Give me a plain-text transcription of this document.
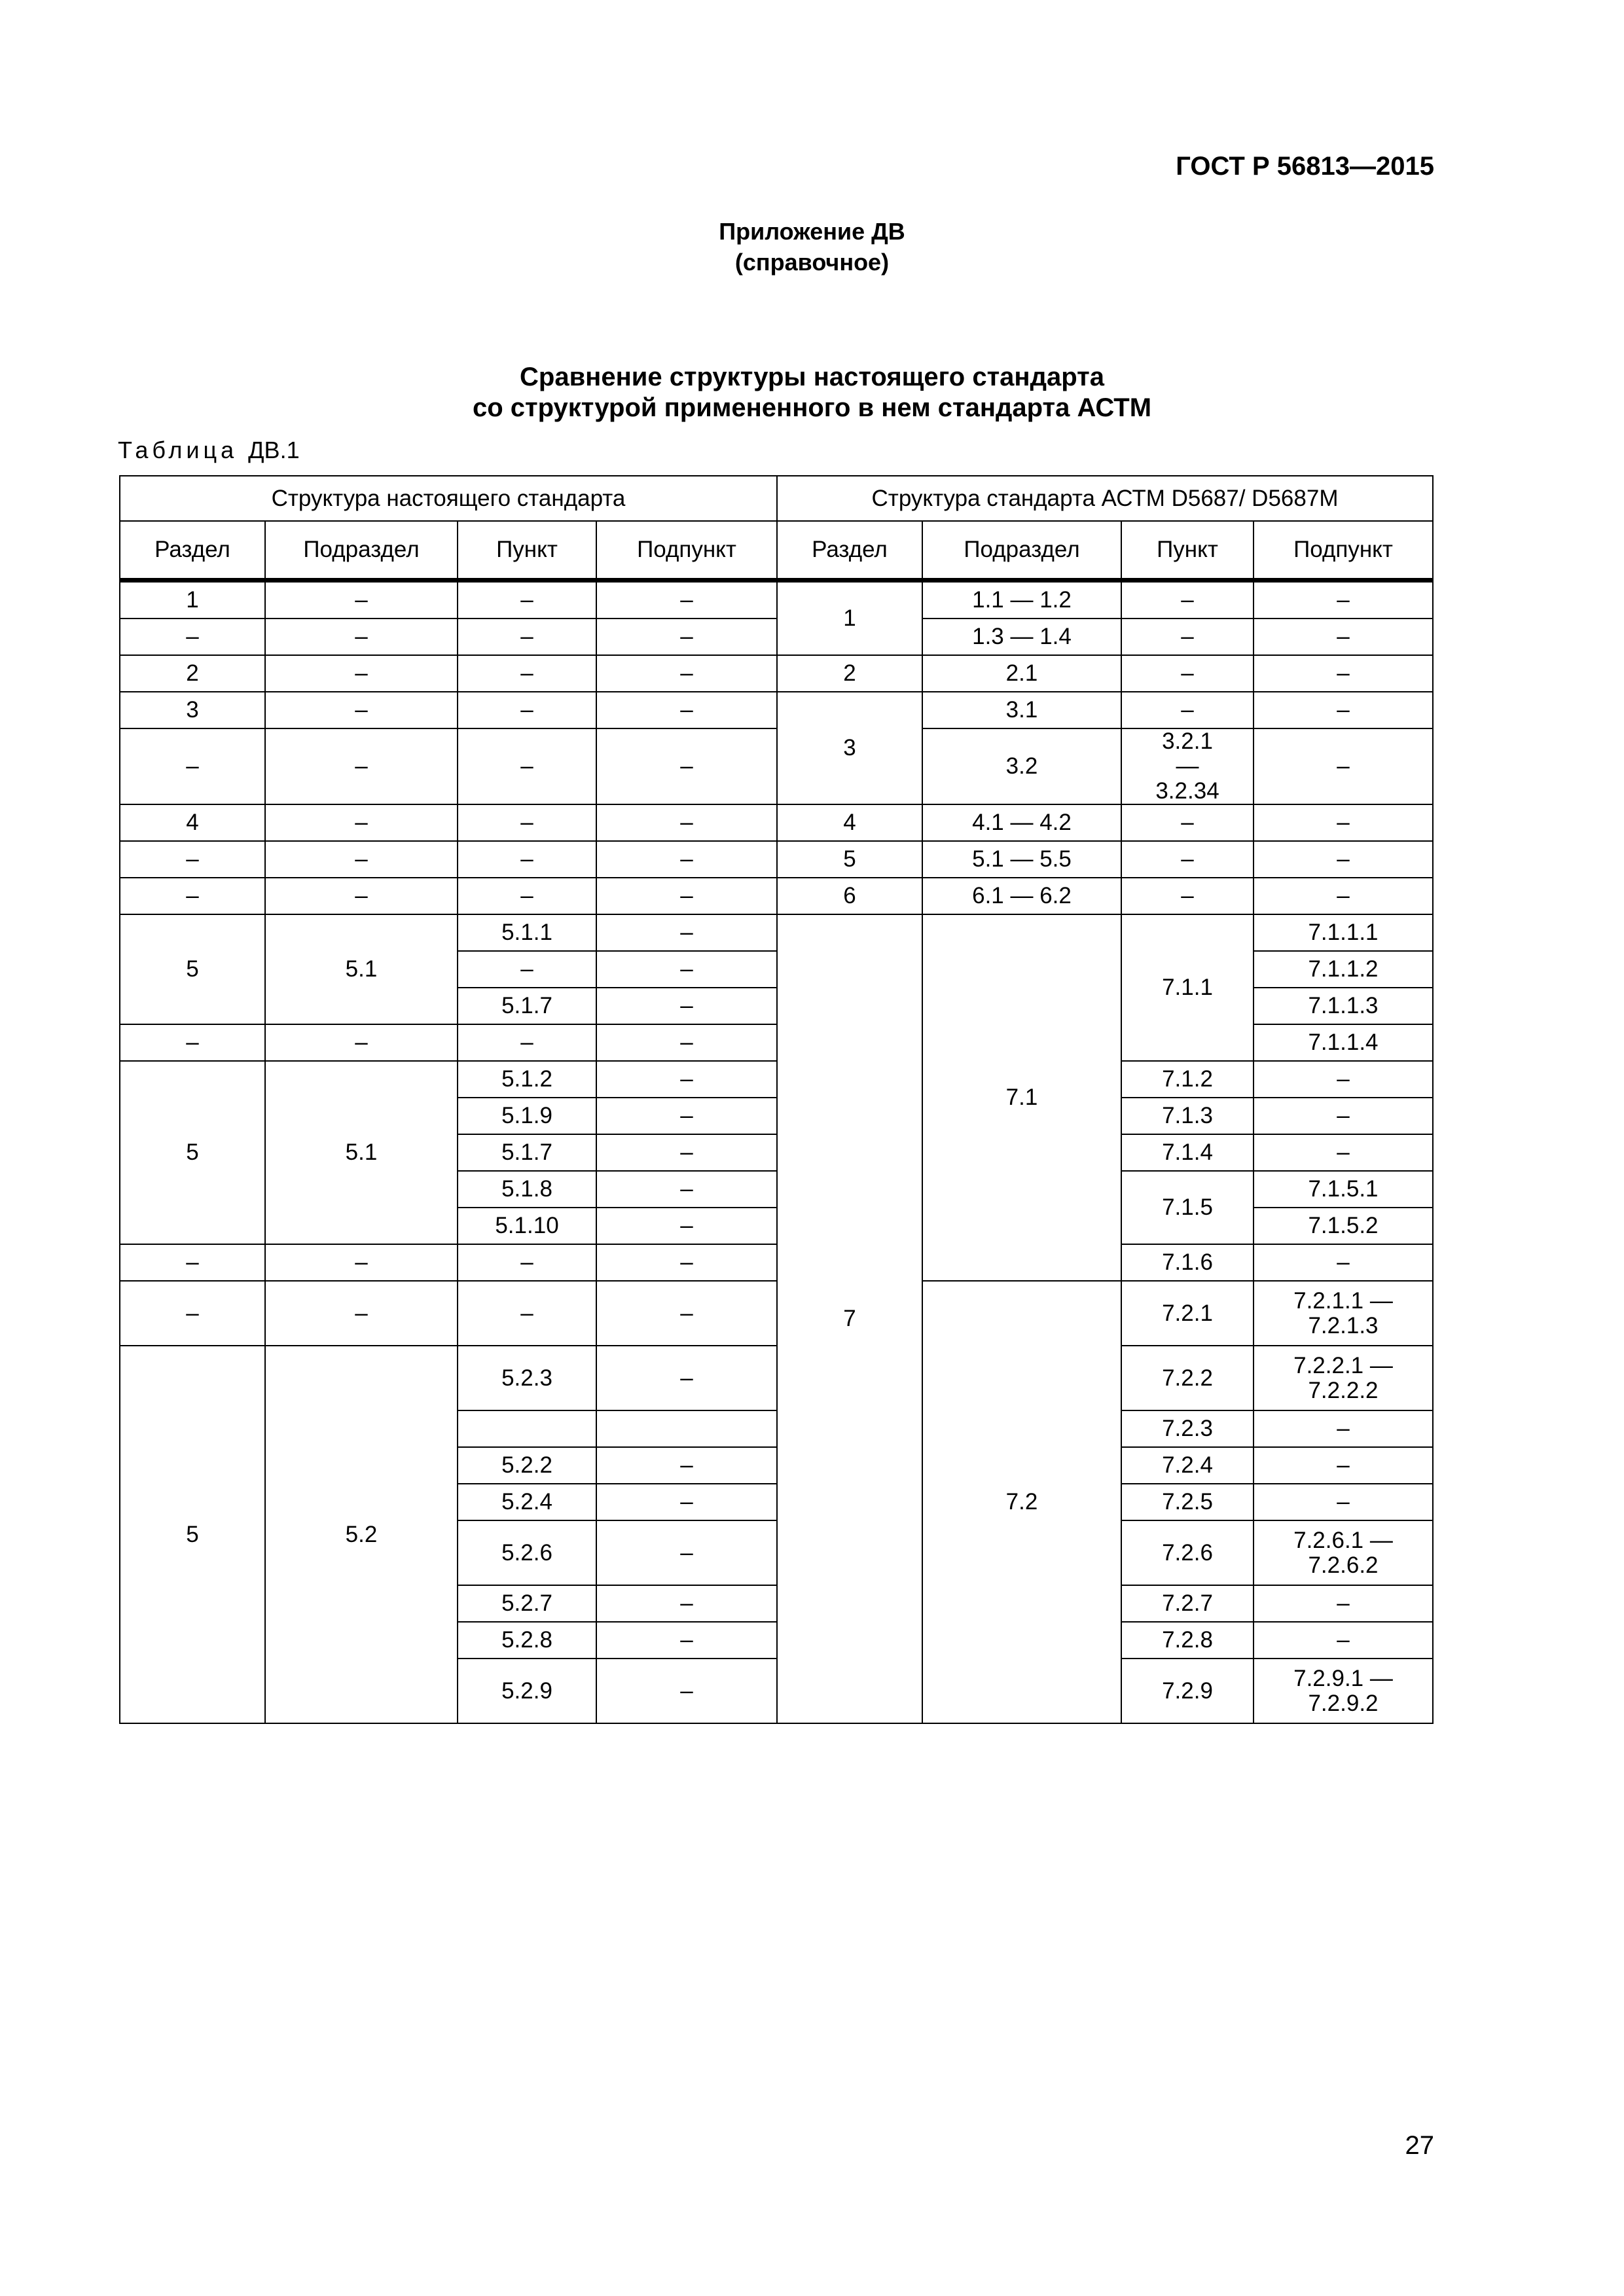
ГОСТ Р 56813—2015
Приложение ДВ
(справочное)
Сравнение структуры настоящего стандарта
со структурой примененного в нем стандарта АСТМ
Таблица ДВ.1
Структура настоящего стандарта				Структура стандарта АСТМ D5687/ D5687M			
Раздел	Подраздел	Пункт	Подпункт	Раздел	Подраздел	Пункт	Подпункт
1	–	–	–	1	1.1 — 1.2	–	–
–	–	–	–		1.3 — 1.4	–	–
2	–	–	–	2	2.1	–	–
3	–	–	–	3	3.1	–	–
–	–	–	–		3.2	3.2.1 — 3.2.34	–
4	–	–	–	4	4.1 — 4.2	–	–
–	–	–	–	5	5.1 — 5.5	–	–
–	–	–	–	6	6.1 — 6.2	–	–
5	5.1	5.1.1	–	7	7.1	7.1.1	7.1.1.1
		–	–				7.1.1.2
		5.1.7	–				7.1.1.3
–	–	–	–				7.1.1.4
5	5.1	5.1.2	–			7.1.2	–
		5.1.9	–			7.1.3	–
		5.1.7	–			7.1.4	–
		5.1.8	–			7.1.5	7.1.5.1
		5.1.10	–				7.1.5.2
–	–	–	–			7.1.6	–
–	–	–	–		7.2	7.2.1	7.2.1.1 — 7.2.1.3
5	5.2	5.2.3	–			7.2.2	7.2.2.1 — 7.2.2.2
						7.2.3	–
		5.2.2	–			7.2.4	–
		5.2.4	–			7.2.5	–
		5.2.6	–			7.2.6	7.2.6.1 — 7.2.6.2
		5.2.7	–			7.2.7	–
		5.2.8	–			7.2.8	–
		5.2.9	–			7.2.9	7.2.9.1 — 7.2.9.2
27
